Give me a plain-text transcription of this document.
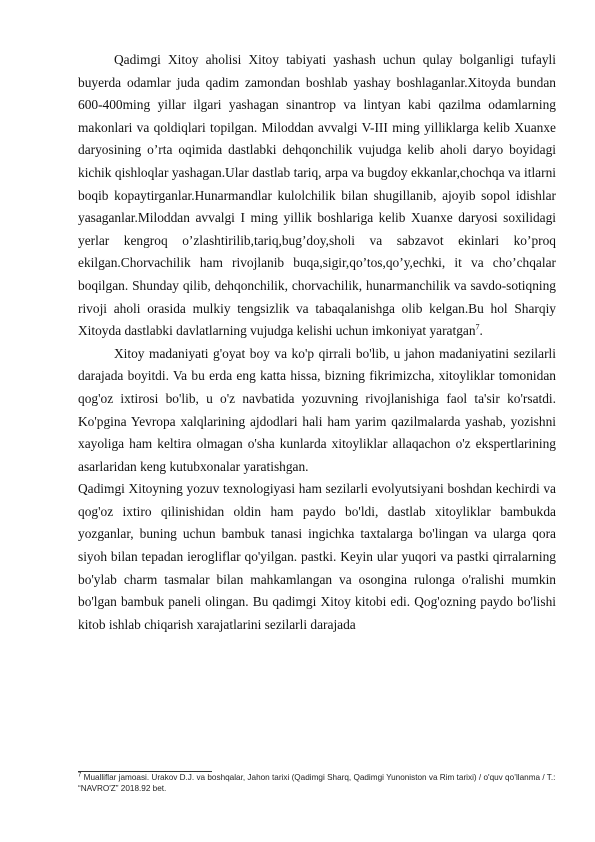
Qadimgi Xitoy aholisi Xitoy tabiyati yashash uchun qulay bolganligi tufayli buyerda odamlar juda qadim zamondan boshlab yashay boshlaganlar.Xitoyda bundan 600-400ming yillar ilgari yashagan sinantrop va lintyan kabi qazilma odamlarning makonlari va qoldiqlari topilgan. Miloddan avvalgi V-III ming yilliklarga kelib Xuanxe daryosining o’rta oqimida dastlabki dehqonchilik vujudga kelib aholi daryo boyidagi kichik qishloqlar yashagan.Ular dastlab tariq, arpa va bugdoy ekkanlar,chochqa va itlarni boqib kopaytirganlar.Hunarmandlar kulolchilik bilan shugillanib, ajoyib sopol idishlar yasaganlar.Miloddan avvalgi I ming yillik boshlariga kelib Xuanxe daryosi soxilidagi yerlar kengroq o’zlashtirilib,tariq,bug’doy,sholi va sabzavot ekinlari ko’proq ekilgan.Chorvachilik ham rivojlanib buqa,sigir,qo’tos,qo’y,echki, it va cho’chqalar boqilgan. Shunday qilib, dehqonchilik, chorvachilik, hunarmanchilik va savdo-sotiqning rivoji aholi orasida mulkiy tengsizlik va tabaqalanishga olib kelgan.Bu hol Sharqiy Xitoyda dastlabki davlatlarning vujudga kelishi uchun imkoniyat yaratgan$^7$.

Xitoy madaniyati g'oyat boy va ko'p qirrali bo'lib, u jahon madaniyatini sezilarli darajada boyitdi. Va bu erda eng katta hissa, bizning fikrimizcha, xitoyliklar tomonidan qog'oz ixtirosi bo'lib, u o'z navbatida yozuvning rivojlanishiga faol ta'sir ko'rsatdi. Ko'pgina Yevropa xalqlarining ajdodlari hali ham yarim qazilmalarda yashab, yozishni xayoliga ham keltira olmagan o'sha kunlarda xitoyliklar allaqachon o'z ekspertlarining asarlaridan keng kutubxonalar yaratishgan.

Qadimgi Xitoyning yozuv texnologiyasi ham sezilarli evolyutsiyani boshdan kechirdi va qog'oz ixtiro qilinishidan oldin ham paydo bo'ldi, dastlab xitoyliklar bambukda yozganlar, buning uchun bambuk tanasi ingichka taxtalarga bo'lingan va ularga qora siyoh bilan tepadan ierogliflar qo'yilgan. pastki. Keyin ular yuqori va pastki qirralarning bo'ylab charm tasmalar bilan mahkamlangan va osongina rulonga o'ralishi mumkin bo'lgan bambuk paneli olingan. Bu qadimgi Xitoy kitobi edi. Qog'ozning paydo bo'lishi kitob ishlab chiqarish xarajatlarini sezilarli darajada

$^7$ Mualliflar jamoasi. Urakov D.J. va boshqalar, Jahon tarixi (Qadimgi Sharq, Qadimgi Yunoniston va Rim tarixi) / o'quv qo’llanma / T.: “NAVRO'Z” 2018.92 bet.
